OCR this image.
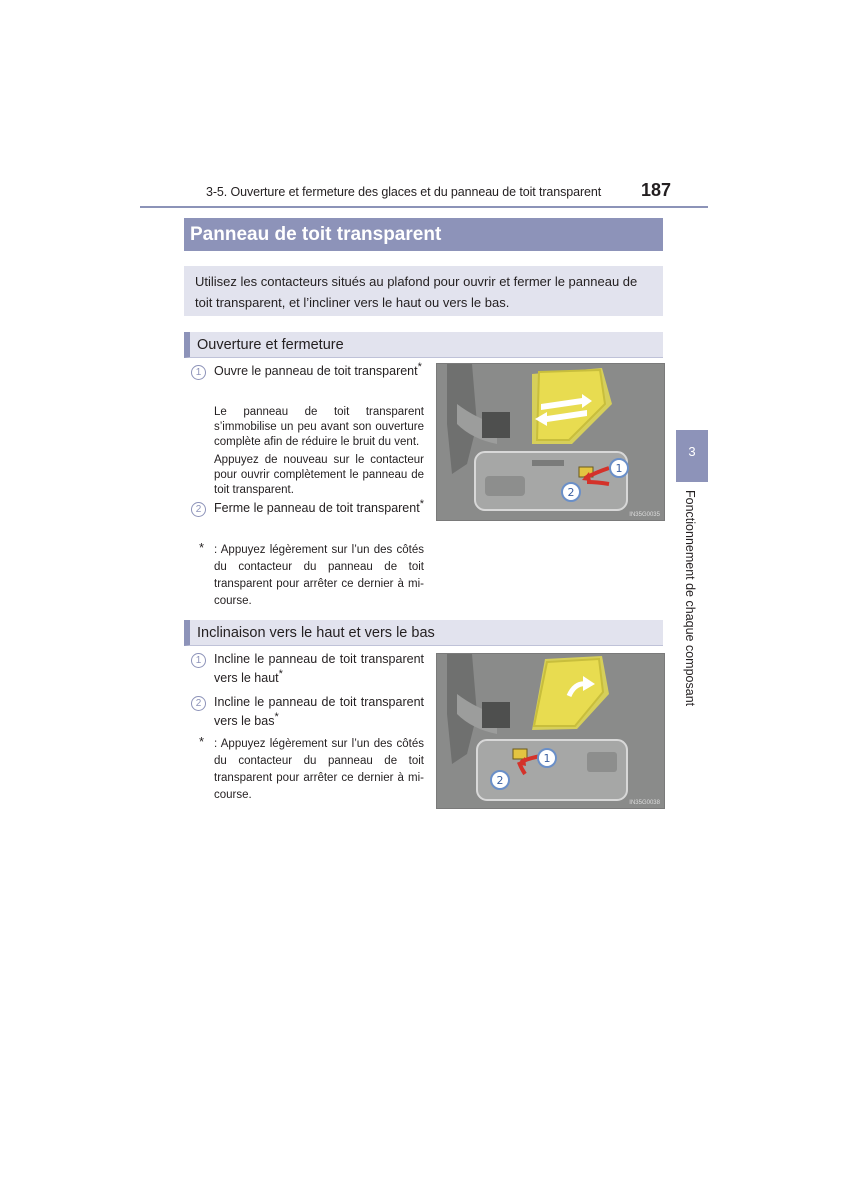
3-5. Ouverture et fermeture des glaces et du panneau de toit transparent 187
Panneau de toit transparent
Utilisez les contacteurs situés au plafond pour ouvrir et fermer le panneau de toit transparent, et l’incliner vers le haut ou vers le bas.
Ouverture et fermeture
1	Ouvre le panneau de toit transparent*
Le panneau de toit transparent s’immobilise un peu avant son ouverture complète afin de réduire le bruit du vent.
Appuyez de nouveau sur le contacteur pour ouvrir complètement le panneau de toit transparent.
2	Ferme le panneau de toit transparent*
* : Appuyez légèrement sur l’un des côtés du contacteur du panneau de toit transparent pour arrêter ce dernier à mi-course.
1
2
IN35G0035
Inclinaison vers le haut et vers le bas
1	Incline le panneau de toit transparent vers le haut*
2	Incline le panneau de toit transparent vers le bas*
* : Appuyez légèrement sur l’un des côtés du contacteur du panneau de toit transparent pour arrêter ce dernier à mi-course.
1
2
IN35G0038
3
Fonctionnement de chaque composant
